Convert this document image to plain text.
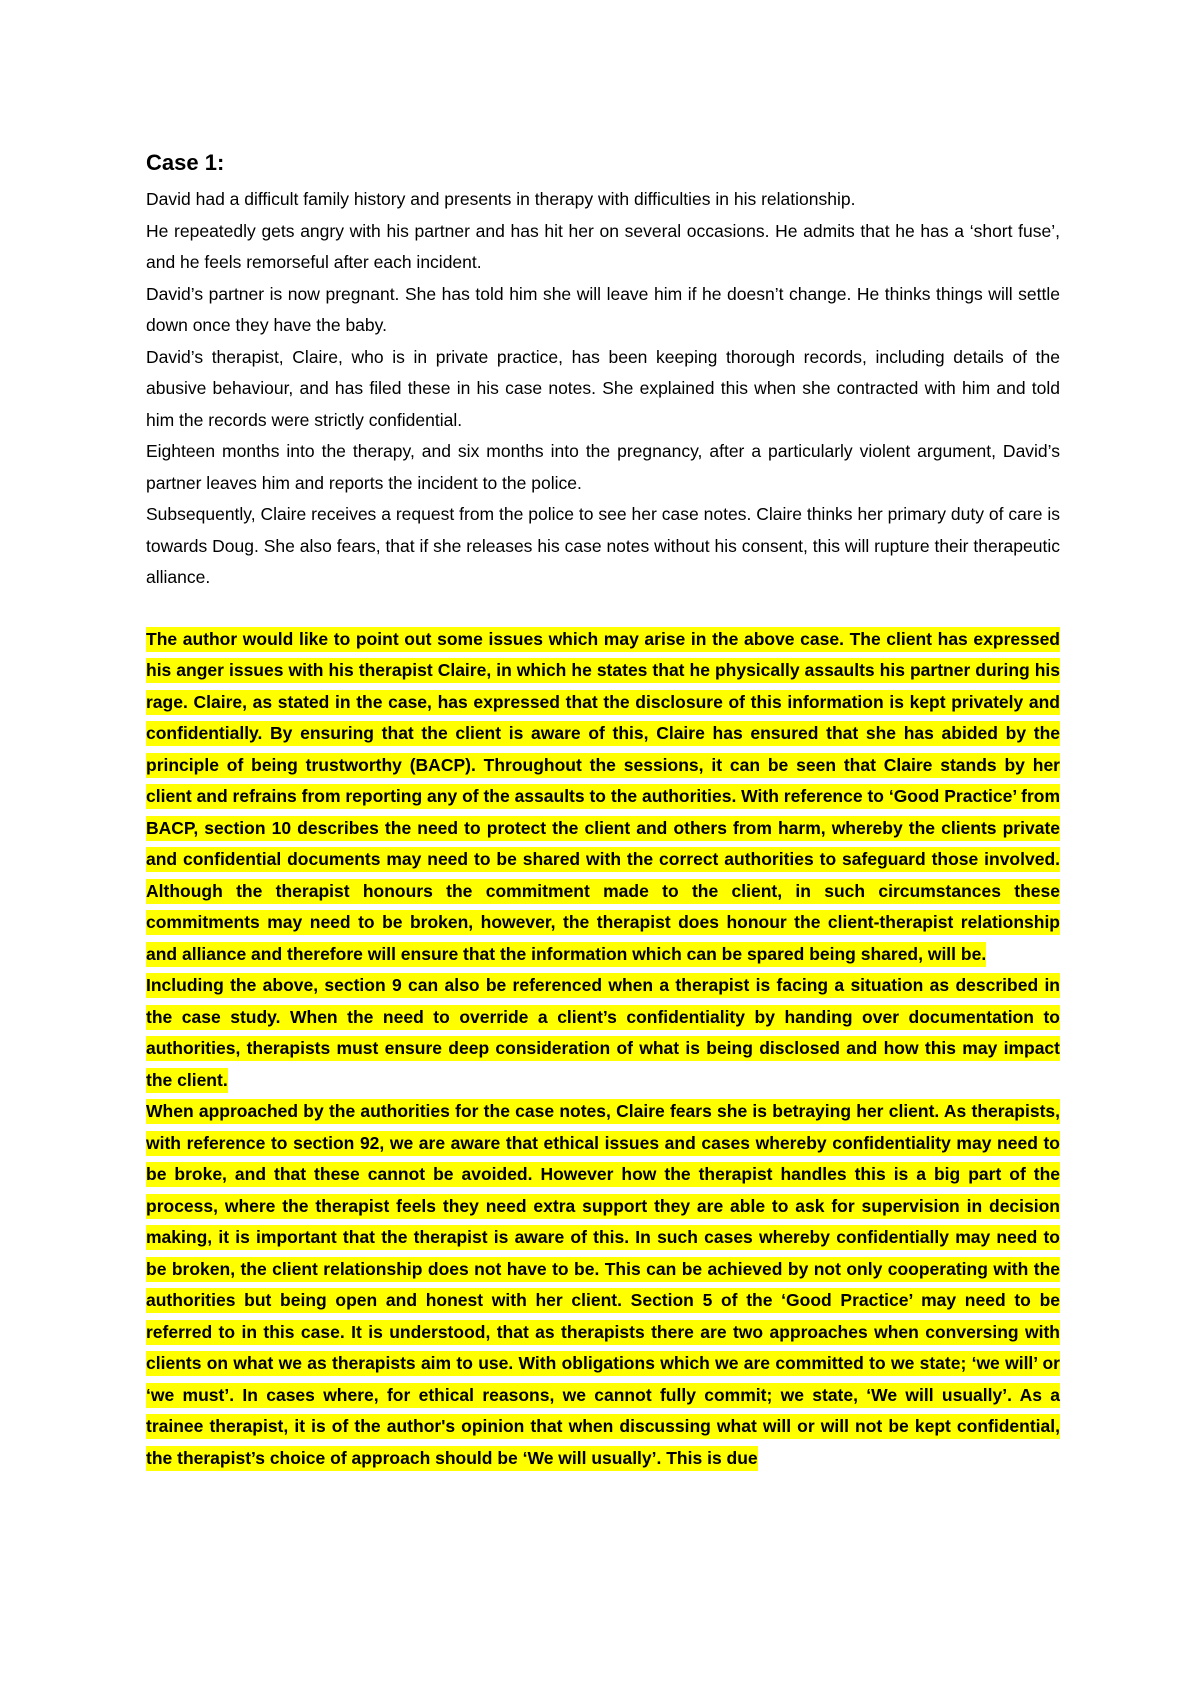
Case 1:

David had a difficult family history and presents in therapy with difficulties in his relationship.

He repeatedly gets angry with his partner and has hit her on several occasions. He admits that he has a ‘short fuse’, and he feels remorseful after each incident.

David’s partner is now pregnant. She has told him she will leave him if he doesn’t change. He thinks things will settle down once they have the baby.

David’s therapist, Claire, who is in private practice, has been keeping thorough records, including details of the abusive behaviour, and has filed these in his case notes. She explained this when she contracted with him and told him the records were strictly confidential.

Eighteen months into the therapy, and six months into the pregnancy, after a particularly violent argument, David’s partner leaves him and reports the incident to the police.

Subsequently, Claire receives a request from the police to see her case notes. Claire thinks her primary duty of care is towards Doug. She also fears, that if she releases his case notes without his consent, this will rupture their therapeutic alliance.

The author would like to point out some issues which may arise in the above case. The client has expressed his anger issues with his therapist Claire, in which he states that he physically assaults his partner during his rage. Claire, as stated in the case, has expressed that the disclosure of this information is kept privately and confidentially. By ensuring that the client is aware of this, Claire has ensured that she has abided by the principle of being trustworthy (BACP). Throughout the sessions, it can be seen that Claire stands by her client and refrains from reporting any of the assaults to the authorities. With reference to ‘Good Practice’ from BACP, section 10 describes the need to protect the client and others from harm, whereby the clients private and confidential documents may need to be shared with the correct authorities to safeguard those involved. Although the therapist honours the commitment made to the client, in such circumstances these commitments may need to be broken, however, the therapist does honour the client-therapist relationship and alliance and therefore will ensure that the information which can be spared being shared, will be.

Including the above, section 9 can also be referenced when a therapist is facing a situation as described in the case study. When the need to override a client’s confidentiality by handing over documentation to authorities, therapists must ensure deep consideration of what is being disclosed and how this may impact the client.

When approached by the authorities for the case notes, Claire fears she is betraying her client. As therapists, with reference to section 92, we are aware that ethical issues and cases whereby confidentiality may need to be broke, and that these cannot be avoided. However how the therapist handles this is a big part of the process, where the therapist feels they need extra support they are able to ask for supervision in decision making, it is important that the therapist is aware of this. In such cases whereby confidentially may need to be broken, the client relationship does not have to be. This can be achieved by not only cooperating with the authorities but being open and honest with her client. Section 5 of the ‘Good Practice’ may need to be referred to in this case. It is understood, that as therapists there are two approaches when conversing with clients on what we as therapists aim to use. With obligations which we are committed to we state; ‘we will’ or ‘we must’. In cases where, for ethical reasons, we cannot fully commit; we state, ‘We will usually’. As a trainee therapist, it is of the author's opinion that when discussing what will or will not be kept confidential, the therapist’s choice of approach should be ‘We will usually’. This is due
